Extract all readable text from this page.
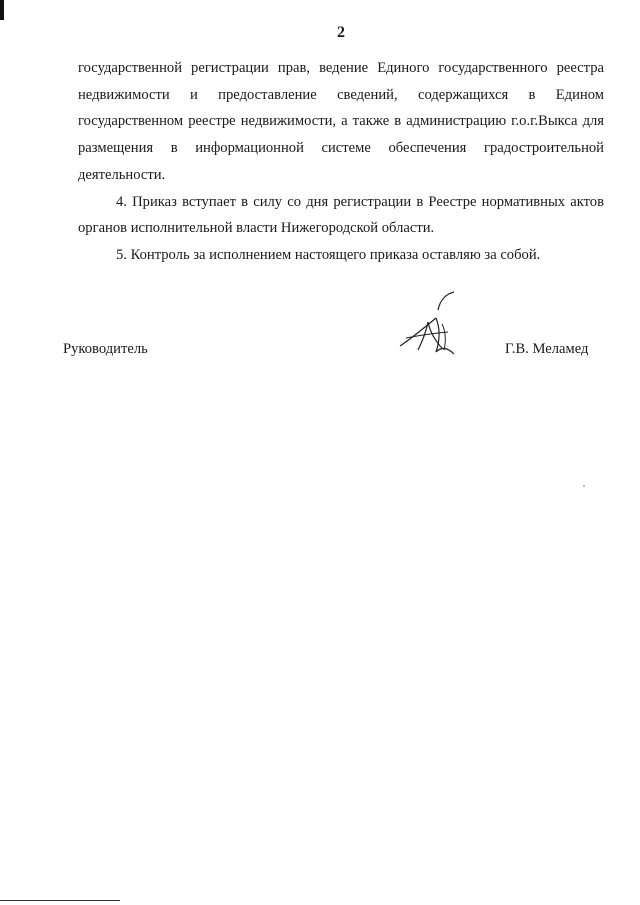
2

государственной регистрации прав, ведение Единого государственного реестра недвижимости и предоставление сведений, содержащихся в Едином государственном реестре недвижимости, а также в администрацию г.о.г.Выкса для размещения в информационной системе обеспечения градостроительной деятельности.

4. Приказ вступает в силу со дня регистрации в Реестре нормативных актов органов исполнительной власти Нижегородской области.

5. Контроль за исполнением настоящего приказа оставляю за собой.

Руководитель	Г.В. Меламед
